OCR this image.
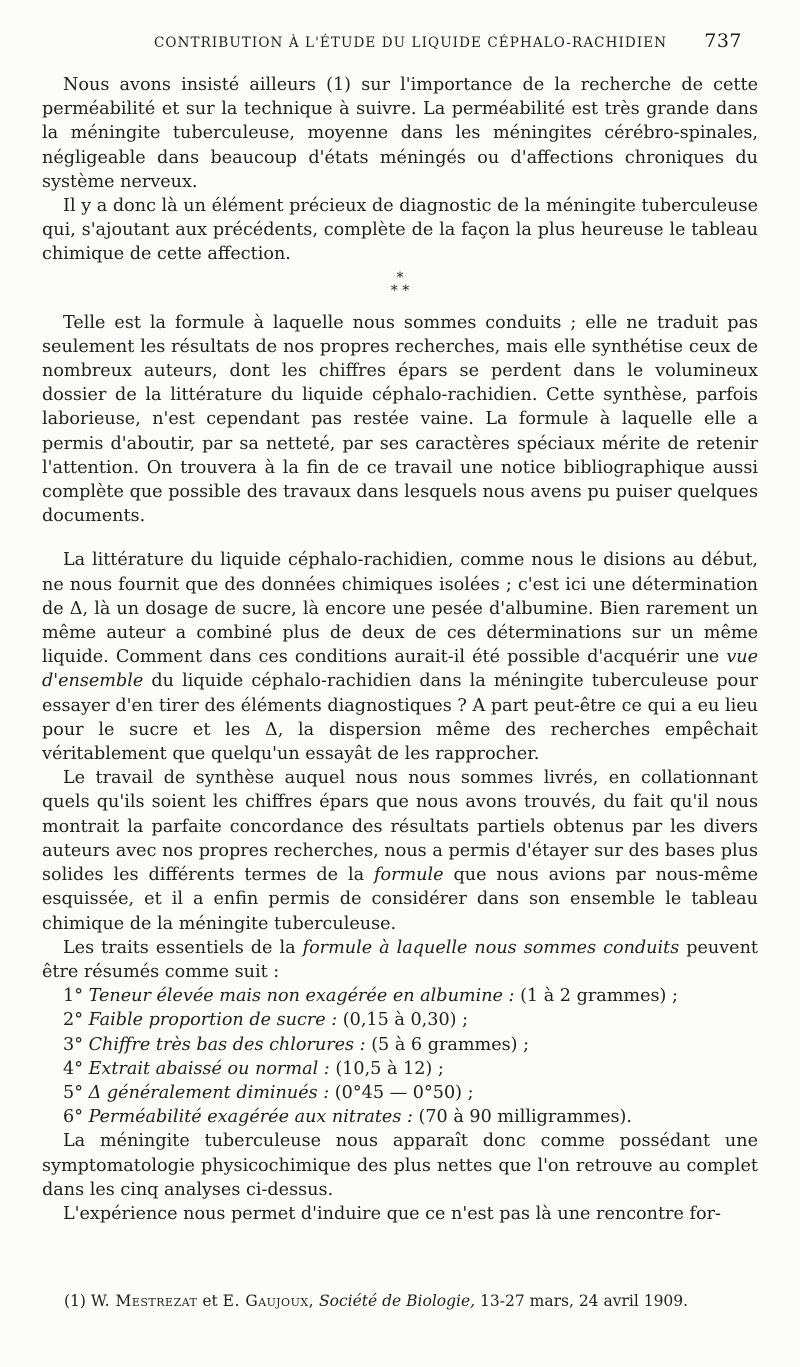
CONTRIBUTION À L'ÉTUDE DU LIQUIDE CÉPHALO-RACHIDIEN 737

Nous avons insisté ailleurs (1) sur l'importance de la recherche de cette perméabilité et sur la technique à suivre. La perméabilité est très grande dans la méningite tuberculeuse, moyenne dans les méningites cérébro-spinales, négligeable dans beaucoup d'états méningés ou d'affections chroniques du système nerveux.

Il y a donc là un élément précieux de diagnostic de la méningite tuberculeuse qui, s'ajoutant aux précédents, complète de la façon la plus heureuse le tableau chimique de cette affection.

*
* *

Telle est la formule à laquelle nous sommes conduits ; elle ne traduit pas seulement les résultats de nos propres recherches, mais elle synthétise ceux de nombreux auteurs, dont les chiffres épars se perdent dans le volumineux dossier de la littérature du liquide céphalo-rachidien. Cette synthèse, parfois laborieuse, n'est cependant pas restée vaine. La formule à laquelle elle a permis d'aboutir, par sa netteté, par ses caractères spéciaux mérite de retenir l'attention. On trouvera à la fin de ce travail une notice bibliographique aussi complète que possible des travaux dans lesquels nous avens pu puiser quelques documents.

La littérature du liquide céphalo-rachidien, comme nous le disions au début, ne nous fournit que des données chimiques isolées ; c'est ici une détermination de Δ, là un dosage de sucre, là encore une pesée d'albumine. Bien rarement un même auteur a combiné plus de deux de ces déterminations sur un même liquide. Comment dans ces conditions aurait-il été possible d'acquérir une vue d'ensemble du liquide céphalo-rachidien dans la méningite tuberculeuse pour essayer d'en tirer des éléments diagnostiques ? A part peut-être ce qui a eu lieu pour le sucre et les Δ, la dispersion même des recherches empêchait véritablement que quelqu'un essayât de les rapprocher.

Le travail de synthèse auquel nous nous sommes livrés, en collationnant quels qu'ils soient les chiffres épars que nous avons trouvés, du fait qu'il nous montrait la parfaite concordance des résultats partiels obtenus par les divers auteurs avec nos propres recherches, nous a permis d'étayer sur des bases plus solides les différents termes de la formule que nous avions par nous-même esquissée, et il a enfin permis de considérer dans son ensemble le tableau chimique de la méningite tuberculeuse.

Les traits essentiels de la formule à laquelle nous sommes conduits peuvent être résumés comme suit :

1° Teneur élevée mais non exagérée en albumine : (1 à 2 grammes) ;
2° Faible proportion de sucre : (0,15 à 0,30) ;
3° Chiffre très bas des chlorures : (5 à 6 grammes) ;
4° Extrait abaissé ou normal : (10,5 à 12) ;
5° Δ généralement diminués : (0°45 — 0°50) ;
6° Perméabilité exagérée aux nitrates : (70 à 90 milligrammes).

La méningite tuberculeuse nous apparaît donc comme possédant une symptomatologie physicochimique des plus nettes que l'on retrouve au complet dans les cinq analyses ci-dessus.

L'expérience nous permet d'induire que ce n'est pas là une rencontre for-

(1) W. Mestrezat et E. Gaujoux, Société de Biologie, 13-27 mars, 24 avril 1909.
